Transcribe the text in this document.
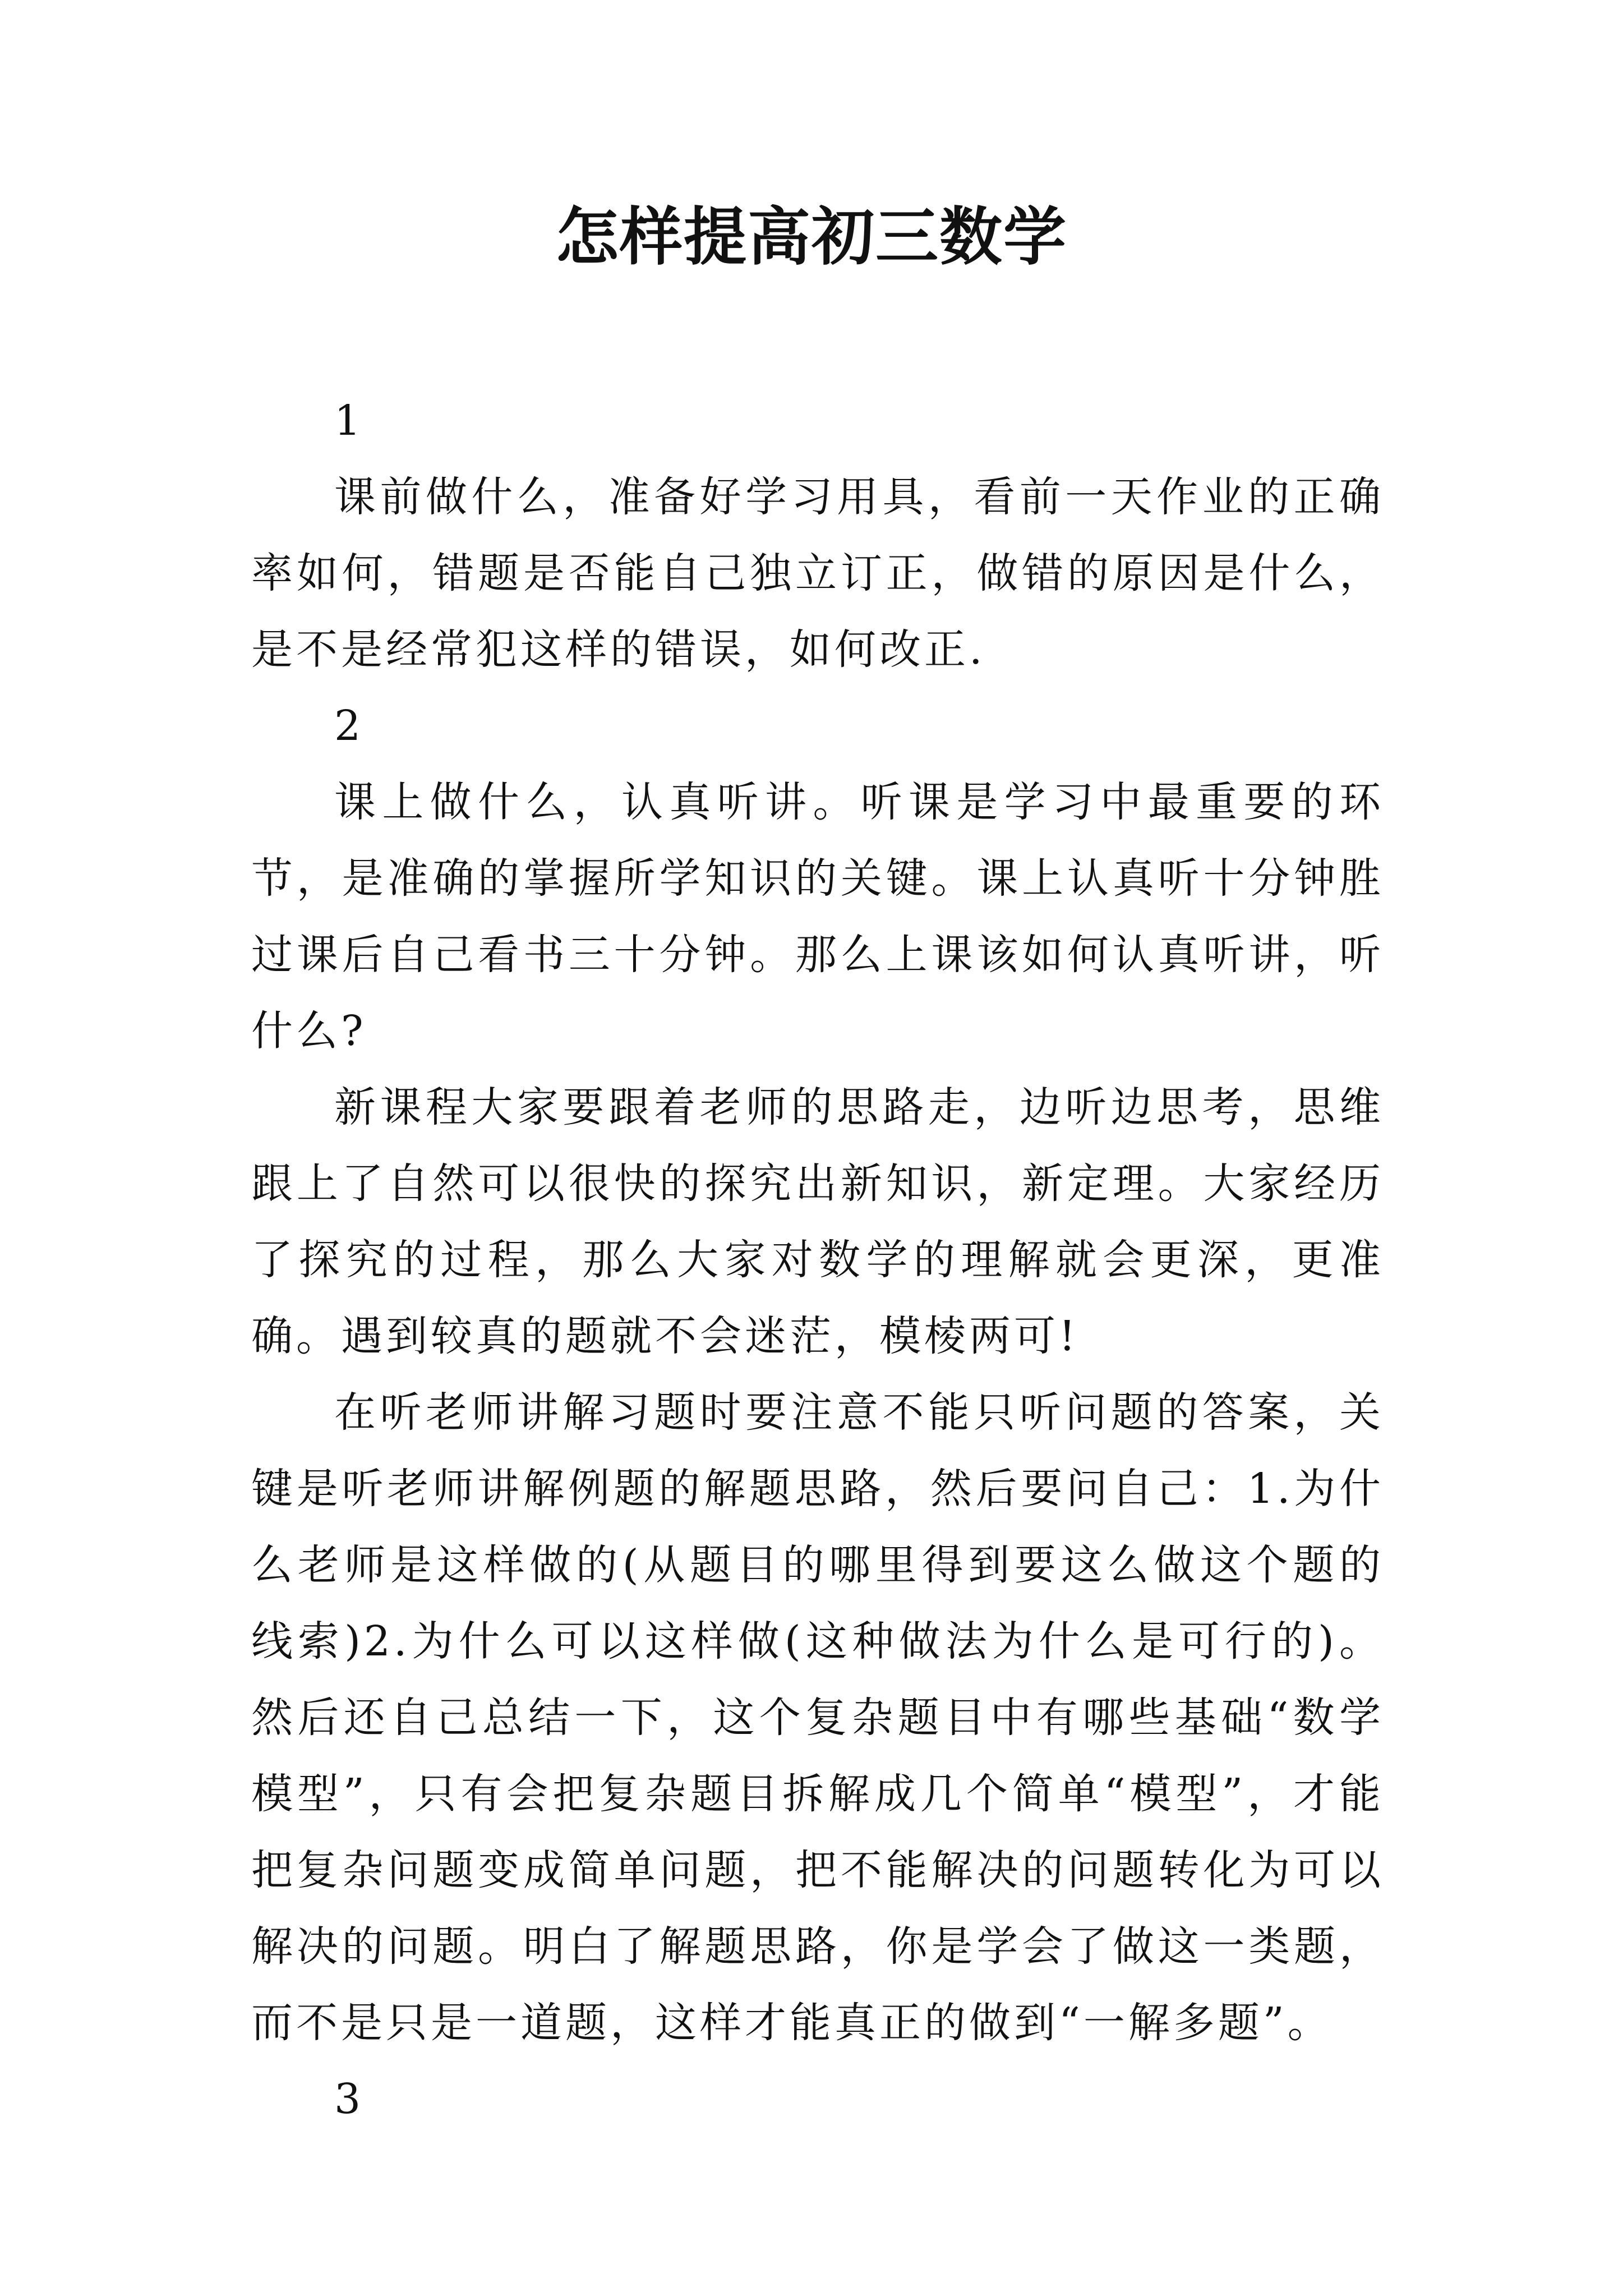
怎样提高初三数学

1

课前做什么，准备好学习用具，看前一天作业的正确率如何，错题是否能自己独立订正，做错的原因是什么，是不是经常犯这样的错误，如何改正.

2

课上做什么，认真听讲。听课是学习中最重要的环节，是准确的掌握所学知识的关键。课上认真听十分钟胜过课后自己看书三十分钟。那么上课该如何认真听讲，听什么?

新课程大家要跟着老师的思路走，边听边思考，思维跟上了自然可以很快的探究出新知识，新定理。大家经历了探究的过程，那么大家对数学的理解就会更深，更准确。遇到较真的题就不会迷茫，模棱两可!

在听老师讲解习题时要注意不能只听问题的答案，关键是听老师讲解例题的解题思路，然后要问自己：1.为什么老师是这样做的(从题目的哪里得到要这么做这个题的线索)2.为什么可以这样做(这种做法为什么是可行的)。然后还自己总结一下，这个复杂题目中有哪些基础“数学模型”，只有会把复杂题目拆解成几个简单“模型”，才能把复杂问题变成简单问题，把不能解决的问题转化为可以解决的问题。明白了解题思路，你是学会了做这一类题，而不是只是一道题，这样才能真正的做到“一解多题”。

3
